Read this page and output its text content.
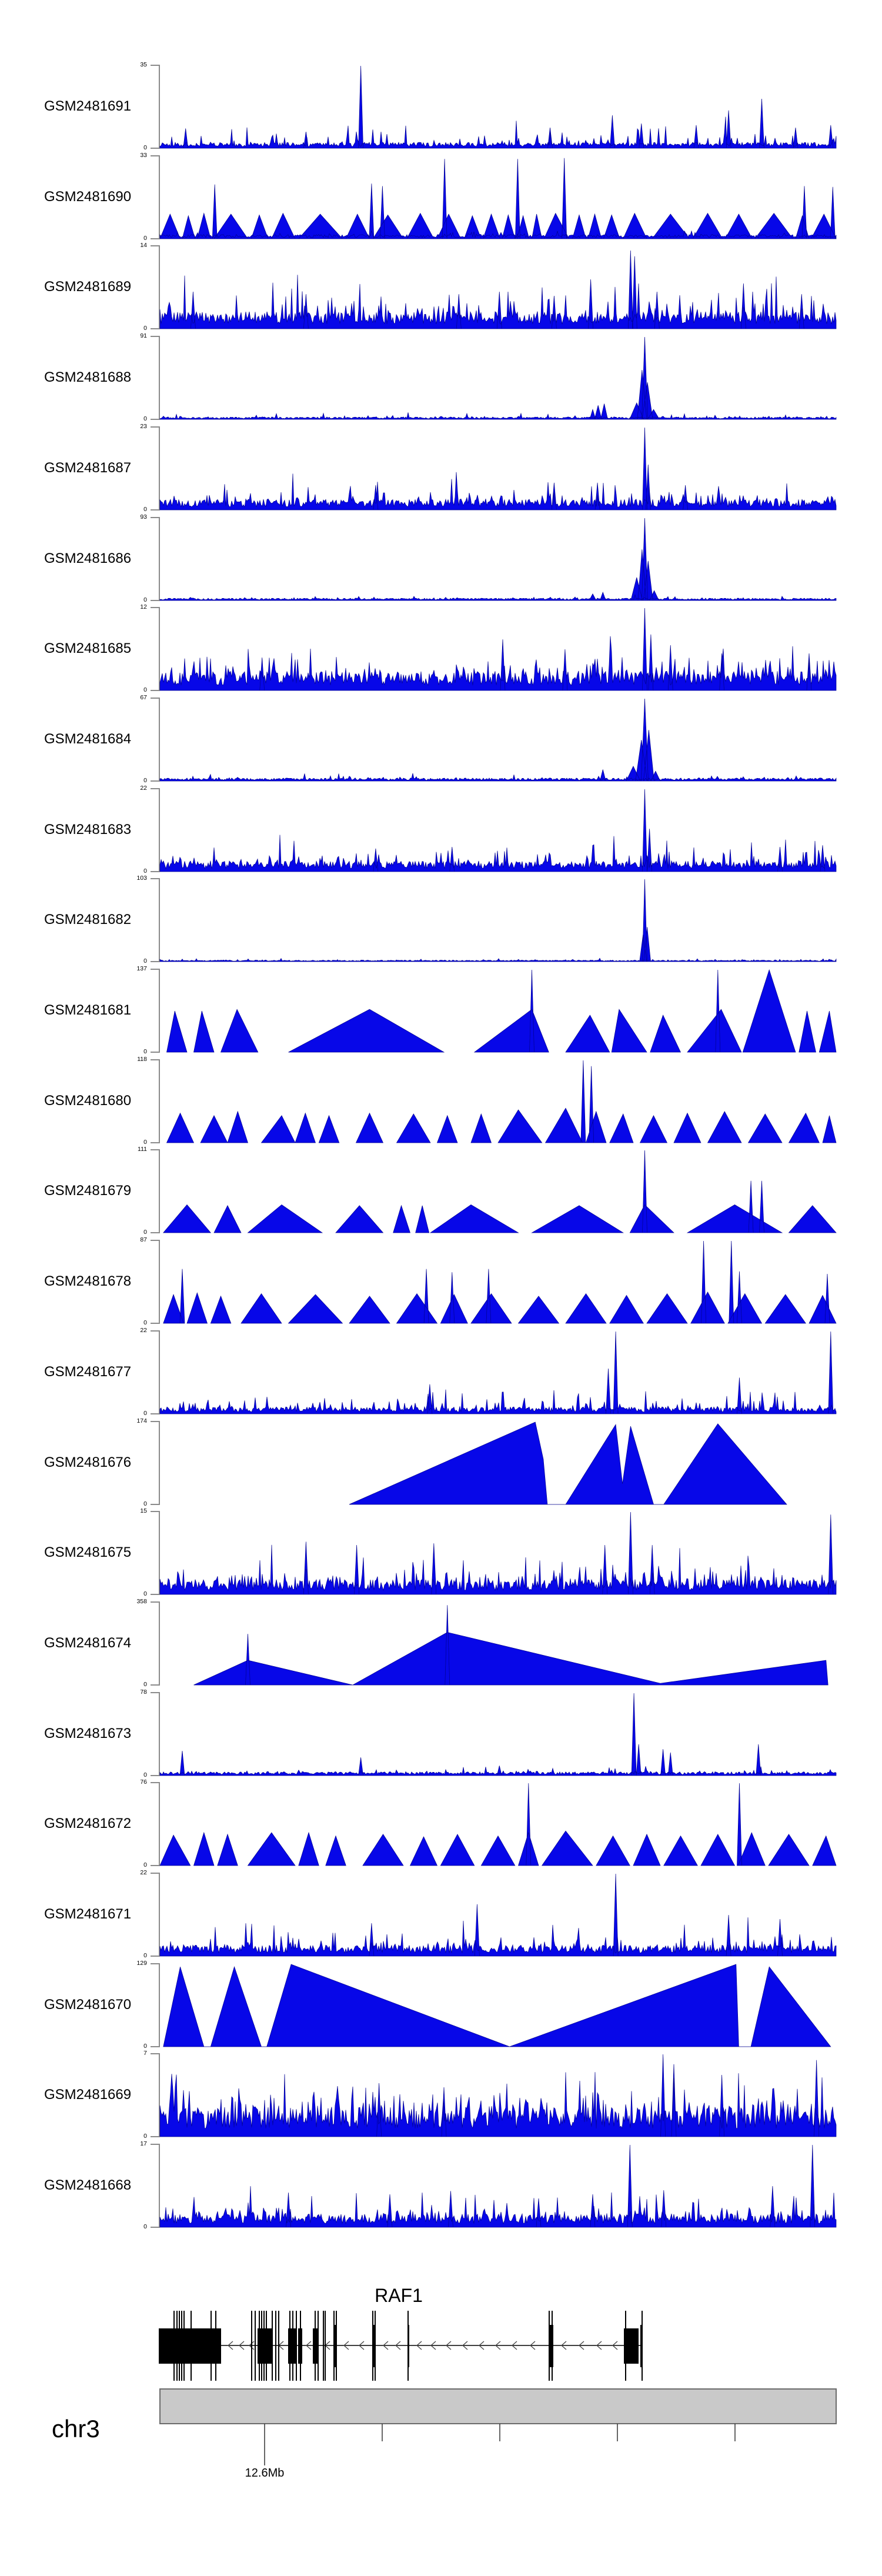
GSM2481691
35
0
GSM2481690
33
0
GSM2481689
14
0
GSM2481688
91
0
GSM2481687
23
0
GSM2481686
93
0
GSM2481685
12
0
GSM2481684
67
0
GSM2481683
22
0
GSM2481682
103
0
GSM2481681
137
0
GSM2481680
118
0
GSM2481679
111
0
GSM2481678
87
0
GSM2481677
22
0
GSM2481676
174
0
GSM2481675
15
0
GSM2481674
358
0
GSM2481673
78
0
GSM2481672
76
0
GSM2481671
22
0
GSM2481670
129
0
GSM2481669
7
0
GSM2481668
17
0
RAF1
chr3
12.6Mb
